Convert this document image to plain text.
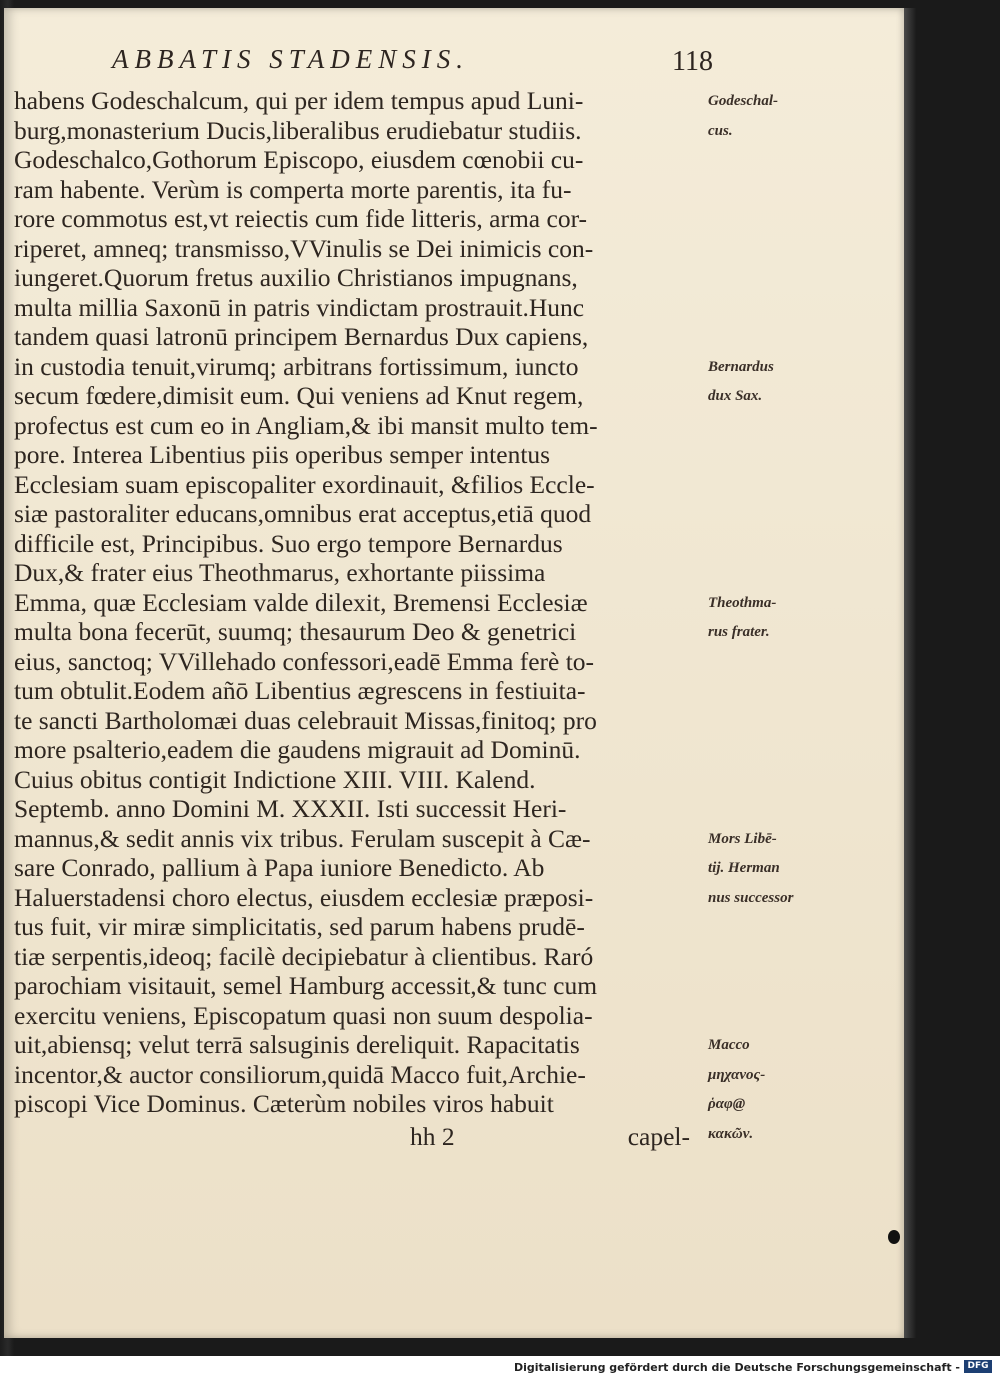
ABBATIS STADENSIS.	118
habens Godeschalcum, qui per idem tempus apud Luni-
burg,monasterium Ducis,liberalibus erudiebatur studiis.
Godeschalco,Gothorum Episcopo, eiusdem cœnobii cu-
ram habente. Verùm is comperta morte parentis, ita fu-
rore commotus est,vt reiectis cum fide litteris, arma cor-
riperet, amneq; transmisso,VVinulis se Dei inimicis con-
iungeret.Quorum fretus auxilio Christianos impugnans,
multa millia Saxonū in patris vindictam prostrauit.Hunc
tandem quasi latronū principem Bernardus Dux capiens,
in custodia tenuit,virumq; arbitrans fortissimum, iuncto
secum fœdere,dimisit eum. Qui veniens ad Knut regem,
profectus est cum eo in Angliam,& ibi mansit multo tem-
pore. Interea Libentius piis operibus semper intentus
Ecclesiam suam episcopaliter exordinauit, &filios Eccle-
siæ pastoraliter educans,omnibus erat acceptus,etiā quod
difficile est, Principibus. Suo ergo tempore Bernardus
Dux,& frater eius Theothmarus, exhortante piissima
Emma, quæ Ecclesiam valde dilexit, Bremensi Ecclesiæ
multa bona fecerūt, suumq; thesaurum Deo & genetrici
eius, sanctoq; VVillehado confessori,eadē Emma ferè to-
tum obtulit.Eodem añō Libentius ægrescens in festiuita-
te sancti Bartholomæi duas celebrauit Missas,finitoq; pro
more psalterio,eadem die gaudens migrauit ad Dominū.
Cuius obitus contigit Indictione XIII. VIII. Kalend.
Septemb. anno Domini M. XXXII. Isti successit Heri-
mannus,& sedit annis vix tribus. Ferulam suscepit à Cæ-
sare Conrado, pallium à Papa iuniore Benedicto. Ab
Haluerstadensi choro electus, eiusdem ecclesiæ præposi-
tus fuit, vir miræ simplicitatis, sed parum habens prudē-
tiæ serpentis,ideoq; facilè decipiebatur à clientibus. Raró
parochiam visitauit, semel Hamburg accessit,& tunc cum
exercitu veniens, Episcopatum quasi non suum despolia-
uit,abiensq; velut terrā salsuginis dereliquit. Rapacitatis
incentor,& auctor consiliorum,quidā Macco fuit,Archie-
piscopi Vice Dominus. Cæterùm nobiles viros habuit
Godeschal-
cus.
Bernardus
dux Sax.
Theothma-
rus frater.
Mors Libē-
tij. Herman
nus successor
Macco
μηχανος-
ῥαφ@
κακῶν.
hh 2	capel-
Digitalisierung gefördert durch die Deutsche Forschungsgemeinschaft - DFG
